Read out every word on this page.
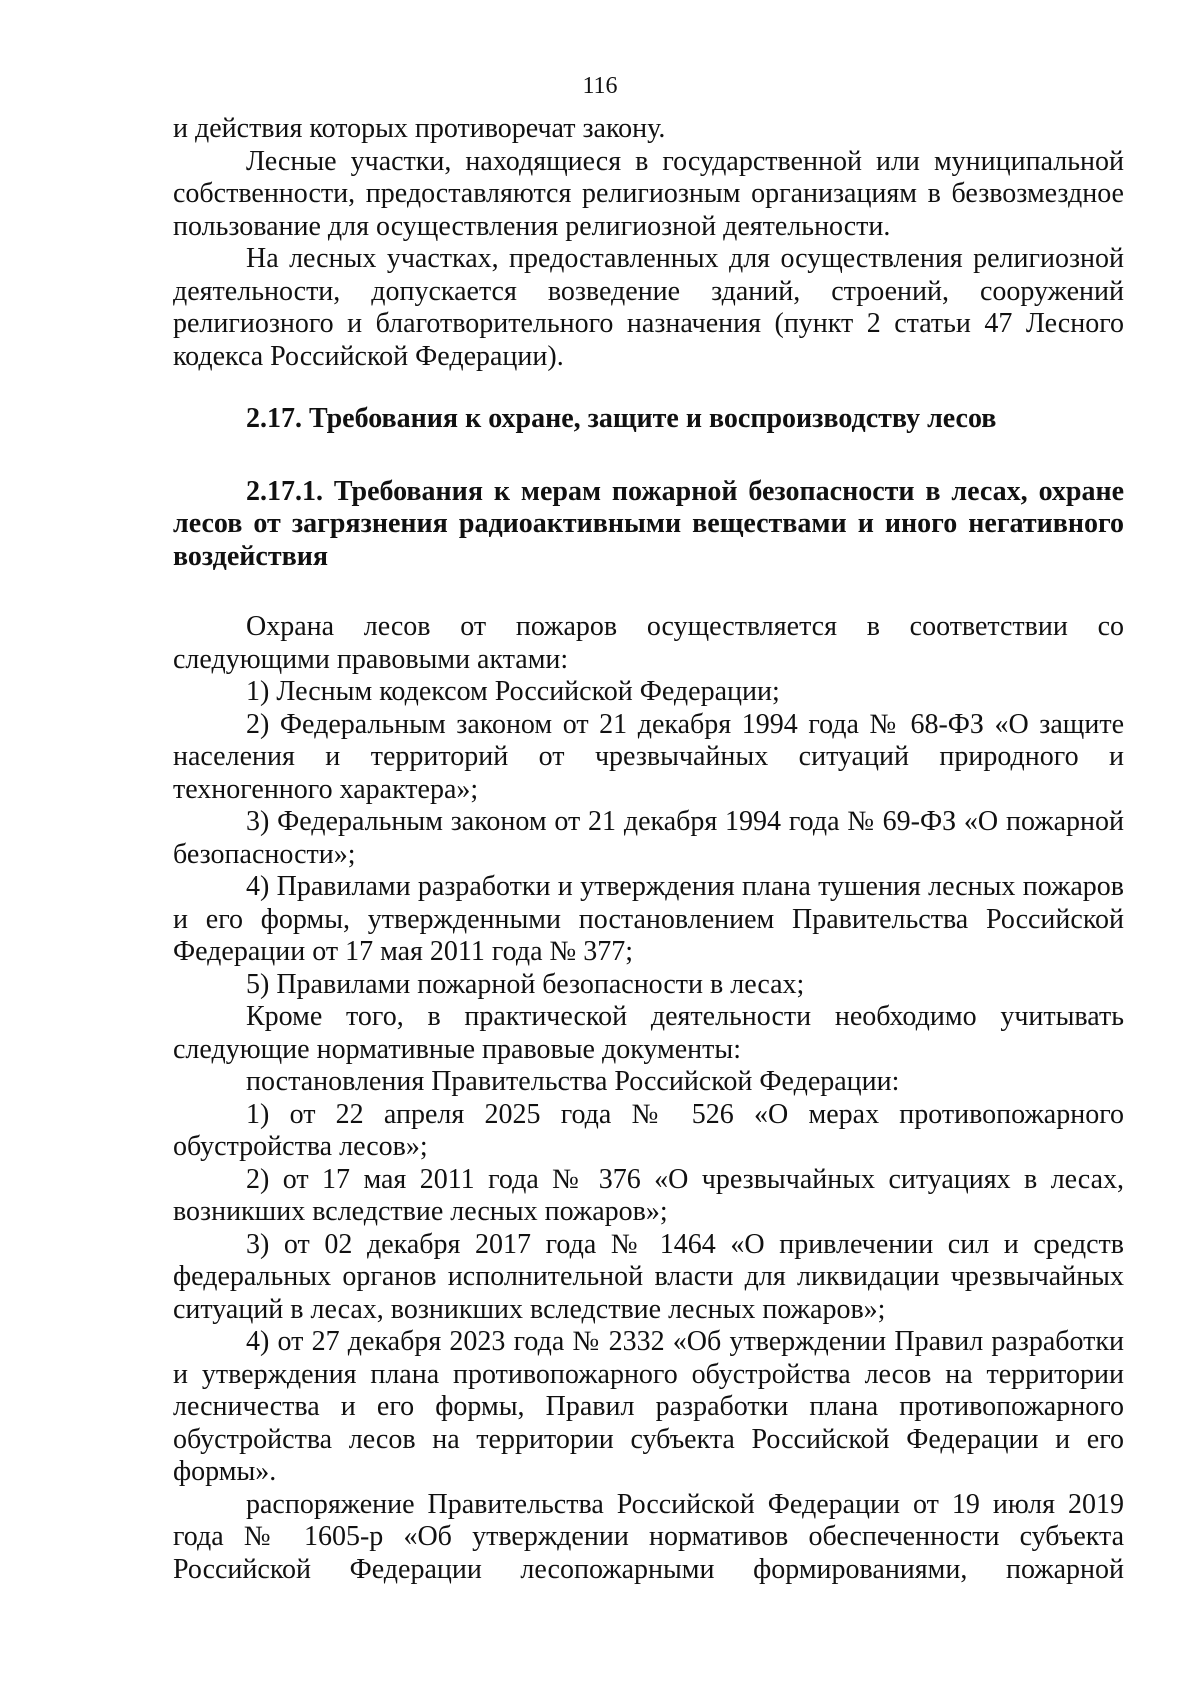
116

и действия которых противоречат закону.

Лесные участки, находящиеся в государственной или муниципальной собственности, предоставляются религиозным организациям в безвозмездное пользование для осуществления религиозной деятельности.

На лесных участках, предоставленных для осуществления религиозной деятельности, допускается возведение зданий, строений, сооружений религиозного и благотворительного назначения (пункт 2 статьи 47 Лесного кодекса Российской Федерации).

2.17. Требования к охране, защите и воспроизводству лесов
2.17.1. Требования к мерам пожарной безопасности в лесах, охране лесов от загрязнения радиоактивными веществами и иного негативного воздействия

Охрана лесов от пожаров осуществляется в соответствии со следующими правовыми актами:

1) Лесным кодексом Российской Федерации;

2) Федеральным законом от 21 декабря 1994 года № 68-ФЗ «О защите населения и территорий от чрезвычайных ситуаций природного и техногенного характера»;

3) Федеральным законом от 21 декабря 1994 года № 69-ФЗ «О пожарной безопасности»;

4) Правилами разработки и утверждения плана тушения лесных пожаров и его формы, утвержденными постановлением Правительства Российской Федерации от 17 мая 2011 года № 377;

5) Правилами пожарной безопасности в лесах;

Кроме того, в практической деятельности необходимо учитывать следующие нормативные правовые документы:

постановления Правительства Российской Федерации:

1) от 22 апреля 2025 года № 526 «О мерах противопожарного обустройства лесов»;

2) от 17 мая 2011 года № 376 «О чрезвычайных ситуациях в лесах, возникших вследствие лесных пожаров»;

3) от 02 декабря 2017 года № 1464 «О привлечении сил и средств федеральных органов исполнительной власти для ликвидации чрезвычайных ситуаций в лесах, возникших вследствие лесных пожаров»;

4) от 27 декабря 2023 года № 2332 «Об утверждении Правил разработки и утверждения плана противопожарного обустройства лесов на территории лесничества и его формы, Правил разработки плана противопожарного обустройства лесов на территории субъекта Российской Федерации и его формы».

распоряжение Правительства Российской Федерации от 19 июля 2019 года № 1605-р «Об утверждении нормативов обеспеченности субъекта Российской Федерации лесопожарными формированиями, пожарной
